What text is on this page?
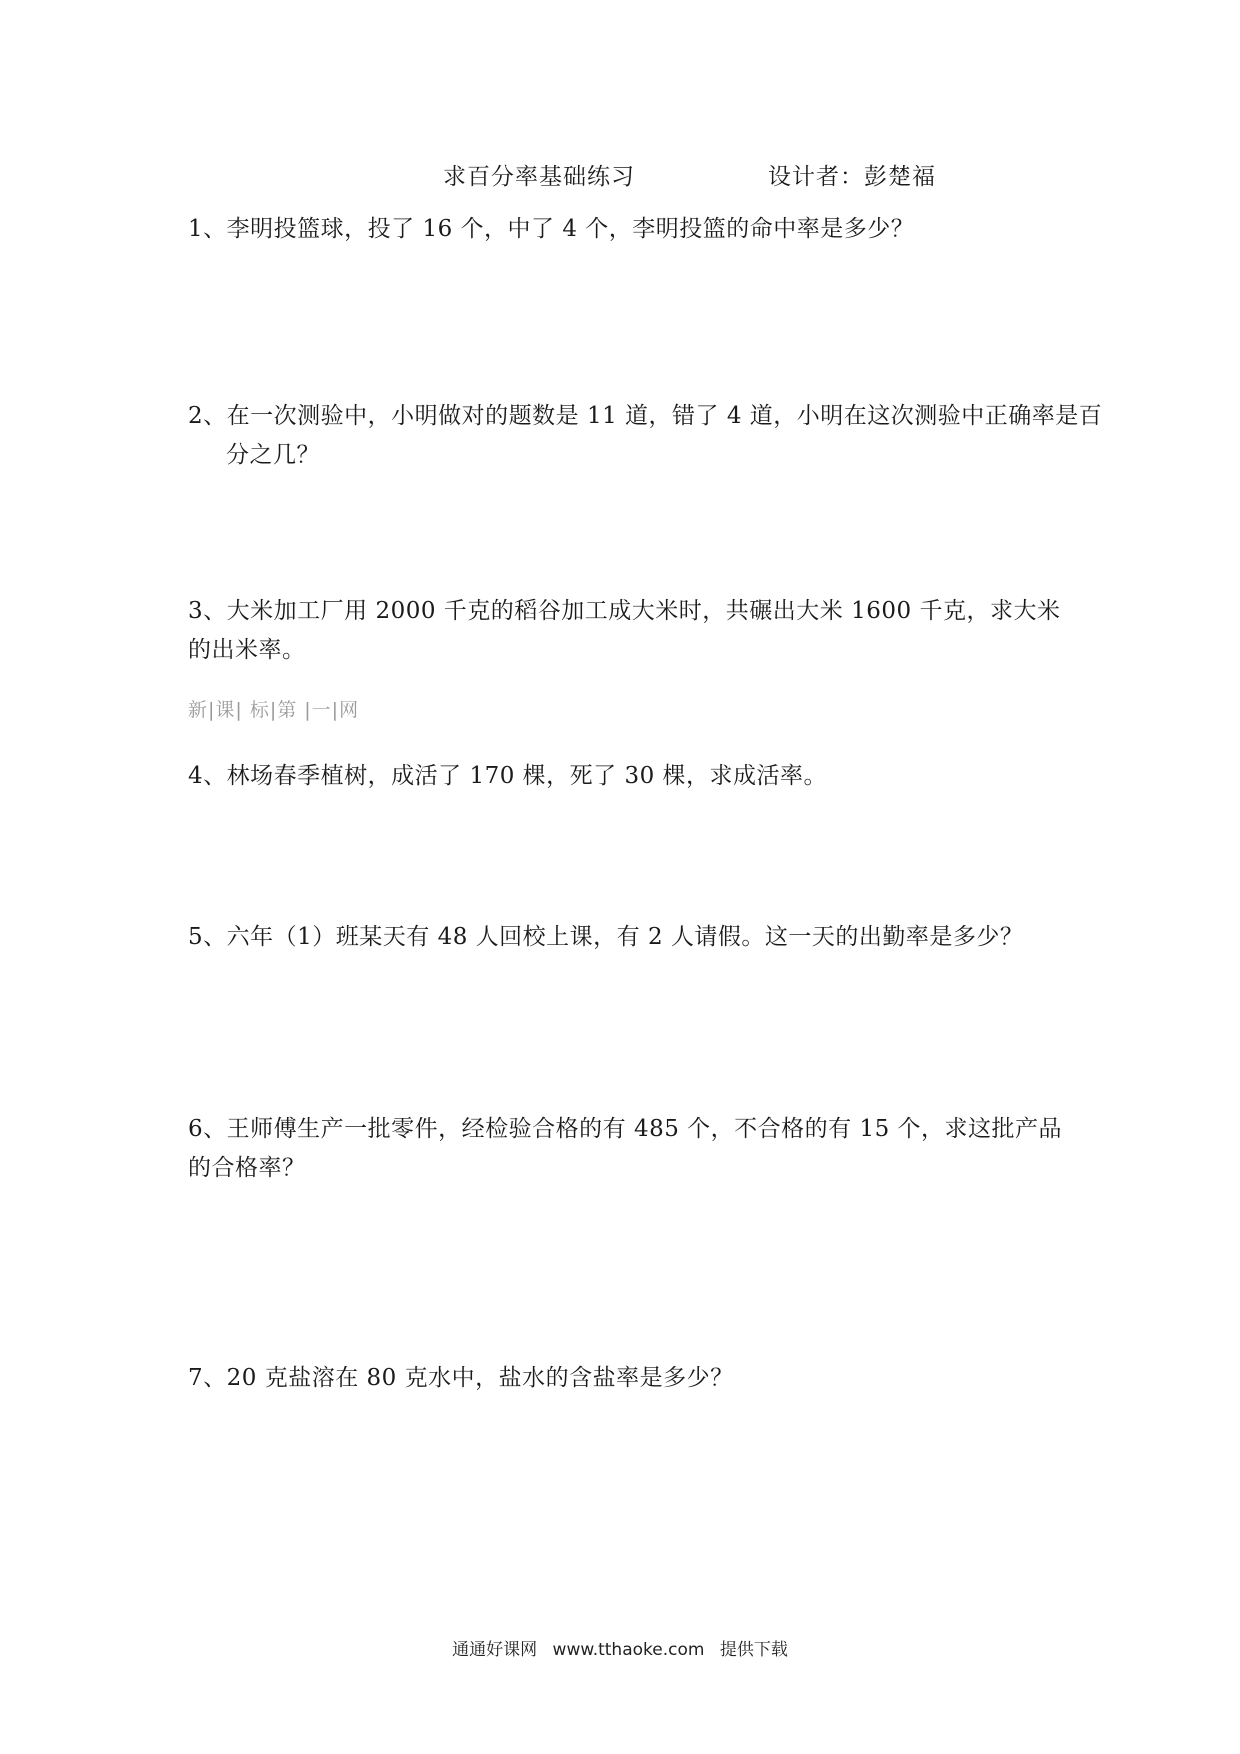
求百分率基础练习	设计者：彭楚福
1、李明投篮球，投了 16 个，中了 4 个，李明投篮的命中率是多少？
2、在一次测验中，小明做对的题数是 11 道，错了 4 道，小明在这次测验中正确率是百分之几？
3、大米加工厂用 2000 千克的稻谷加工成大米时，共碾出大米 1600 千克，求大米的出米率。
新|课| 标|第 |一|网
4、林场春季植树，成活了 170 棵，死了 30 棵，求成活率。
5、六年（1）班某天有 48 人回校上课，有 2 人请假。这一天的出勤率是多少？
6、王师傅生产一批零件，经检验合格的有 485 个，不合格的有 15 个，求这批产品的合格率？
7、20 克盐溶在 80 克水中，盐水的含盐率是多少？
通通好课网 www.tthaoke.com 提供下载
